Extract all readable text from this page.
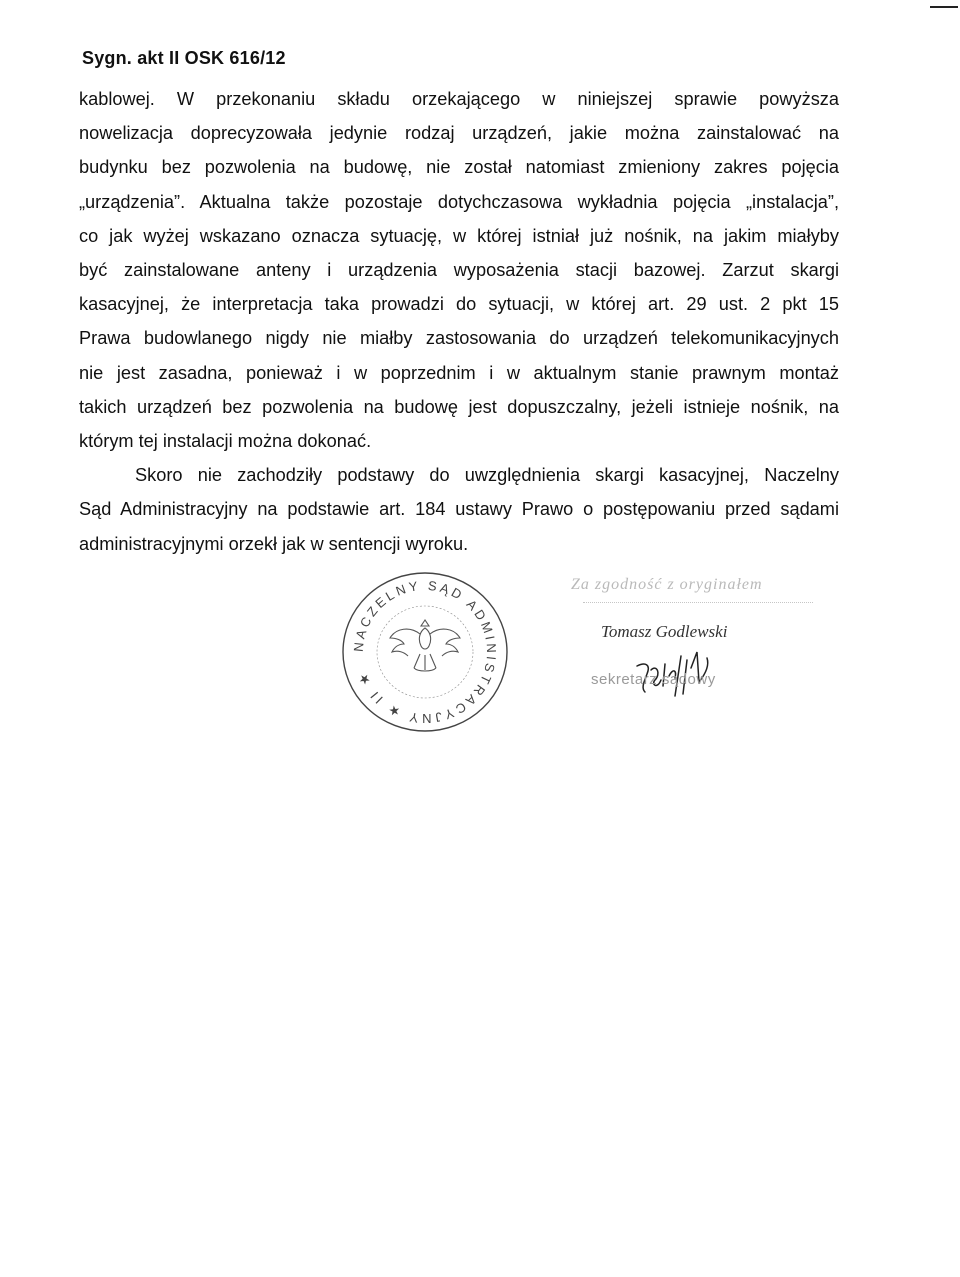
Sygn. akt II OSK 616/12

kablowej. W przekonaniu składu orzekającego w niniejszej sprawie powyższa
nowelizacja doprecyzowała jedynie rodzaj urządzeń, jakie można zainstalować na
budynku bez pozwolenia na budowę, nie został natomiast zmieniony zakres pojęcia
„urządzenia”. Aktualna także pozostaje dotychczasowa wykładnia pojęcia „instalacja”,
co jak wyżej wskazano oznacza sytuację, w której istniał już nośnik, na jakim miałyby
być zainstalowane anteny i urządzenia wyposażenia stacji bazowej. Zarzut skargi
kasacyjnej, że interpretacja taka prowadzi do sytuacji, w której art. 29 ust. 2 pkt 15
Prawa budowlanego nigdy nie miałby zastosowania do urządzeń telekomunikacyjnych
nie jest zasadna, ponieważ i w poprzednim i w aktualnym stanie prawnym montaż
takich urządzeń bez pozwolenia na budowę jest dopuszczalny, jeżeli istnieje nośnik, na
którym tej instalacji można dokonać.

Skoro nie zachodziły podstawy do uwzględnienia skargi kasacyjnej, Naczelny
Sąd Administracyjny na podstawie art. 184 ustawy Prawo o postępowaniu przed sądami
administracyjnymi orzekł jak w sentencji wyroku.

NACZELNY SĄD ADMINISTRACYJNY ★ II ★
Za zgodność z oryginałem
Tomasz Godlewski
sekretarz sądowy
